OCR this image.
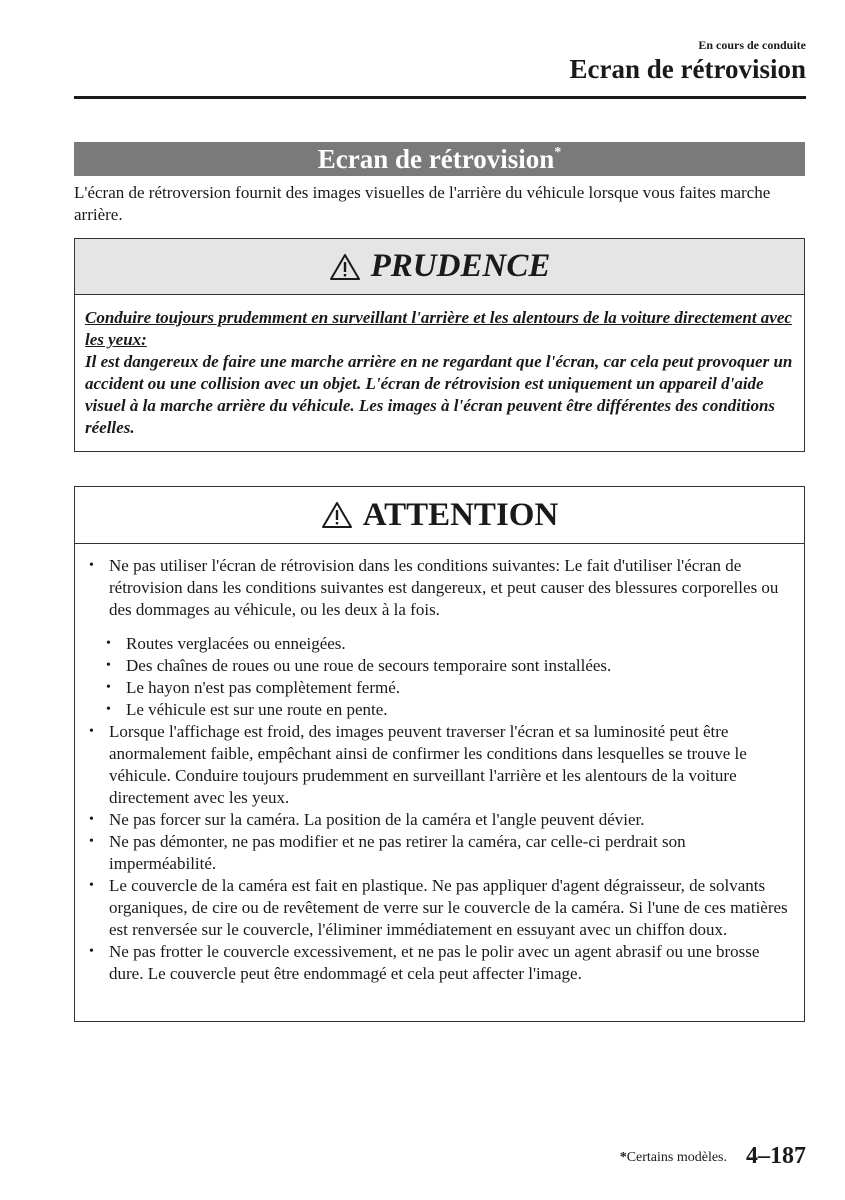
En cours de conduite
Ecran de rétrovision
Ecran de rétrovision*
L'écran de rétroversion fournit des images visuelles de l'arrière du véhicule lorsque vous faites marche arrière.
PRUDENCE
Conduire toujours prudemment en surveillant l'arrière et les alentours de la voiture directement avec les yeux:
Il est dangereux de faire une marche arrière en ne regardant que l'écran, car cela peut provoquer un accident ou une collision avec un objet. L'écran de rétrovision est uniquement un appareil d'aide visuel à la marche arrière du véhicule. Les images à l'écran peuvent être différentes des conditions réelles.
ATTENTION
• Ne pas utiliser l'écran de rétrovision dans les conditions suivantes: Le fait d'utiliser l'écran de rétrovision dans les conditions suivantes est dangereux, et peut causer des blessures corporelles ou des dommages au véhicule, ou les deux à la fois.
• Routes verglacées ou enneigées.
• Des chaînes de roues ou une roue de secours temporaire sont installées.
• Le hayon n'est pas complètement fermé.
• Le véhicule est sur une route en pente.
• Lorsque l'affichage est froid, des images peuvent traverser l'écran et sa luminosité peut être anormalement faible, empêchant ainsi de confirmer les conditions dans lesquelles se trouve le véhicule. Conduire toujours prudemment en surveillant l'arrière et les alentours de la voiture directement avec les yeux.
• Ne pas forcer sur la caméra. La position de la caméra et l'angle peuvent dévier.
• Ne pas démonter, ne pas modifier et ne pas retirer la caméra, car celle-ci perdrait son imperméabilité.
• Le couvercle de la caméra est fait en plastique. Ne pas appliquer d'agent dégraisseur, de solvants organiques, de cire ou de revêtement de verre sur le couvercle de la caméra. Si l'une de ces matières est renversée sur le couvercle, l'éliminer immédiatement en essuyant avec un chiffon doux.
• Ne pas frotter le couvercle excessivement, et ne pas le polir avec un agent abrasif ou une brosse dure. Le couvercle peut être endommagé et cela peut affecter l'image.
*Certains modèles. 4–187
